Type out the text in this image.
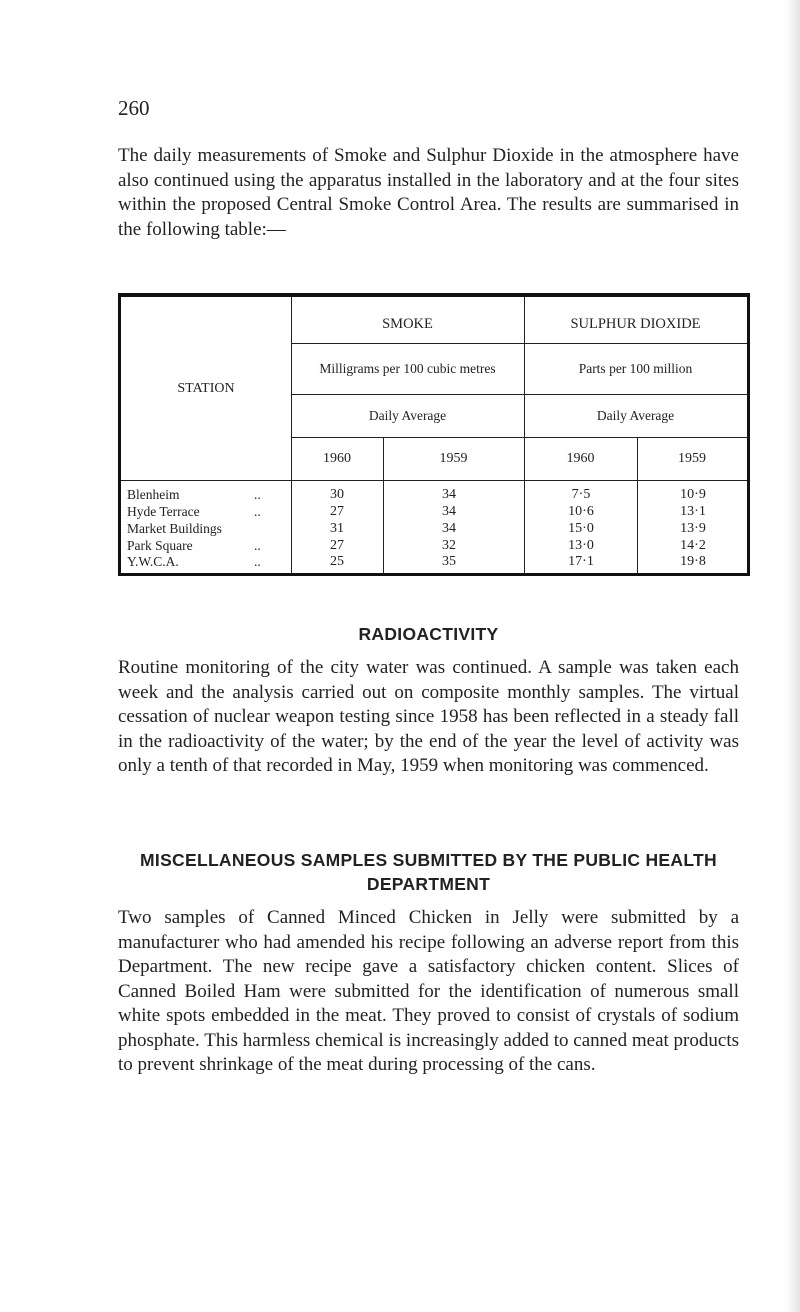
260

The daily measurements of Smoke and Sulphur Dioxide in the atmosphere have also continued using the apparatus installed in the laboratory and at the four sites within the proposed Central Smoke Control Area. The results are summarised in the following table:—

STATION
SMOKE	SULPHUR DIOXIDE
Milligrams per 100 cubic metres	Parts per 100 million
Daily Average	Daily Average
1960	1959	1960	1959
Blenheim	..	30	34	7·5	10·9
Hyde Terrace	..	27	34	10·6	13·1
Market Buildings	31	34	15·0	13·9
Park Square	..	27	32	13·0	14·2
Y.W.C.A.	..	25	35	17·1	19·8
RADIOACTIVITY

Routine monitoring of the city water was continued. A sample was taken each week and the analysis carried out on composite monthly samples. The virtual cessation of nuclear weapon testing since 1958 has been reflected in a steady fall in the radioactivity of the water; by the end of the year the level of activity was only a tenth of that recorded in May, 1959 when monitoring was commenced.

MISCELLANEOUS SAMPLES SUBMITTED BY THE PUBLIC HEALTH DEPARTMENT

Two samples of Canned Minced Chicken in Jelly were submitted by a manufacturer who had amended his recipe following an adverse report from this Department. The new recipe gave a satisfactory chicken content. Slices of Canned Boiled Ham were submitted for the identification of numerous small white spots embedded in the meat. They proved to consist of crystals of sodium phosphate. This harmless chemical is increasingly added to canned meat products to prevent shrinkage of the meat during processing of the cans.
